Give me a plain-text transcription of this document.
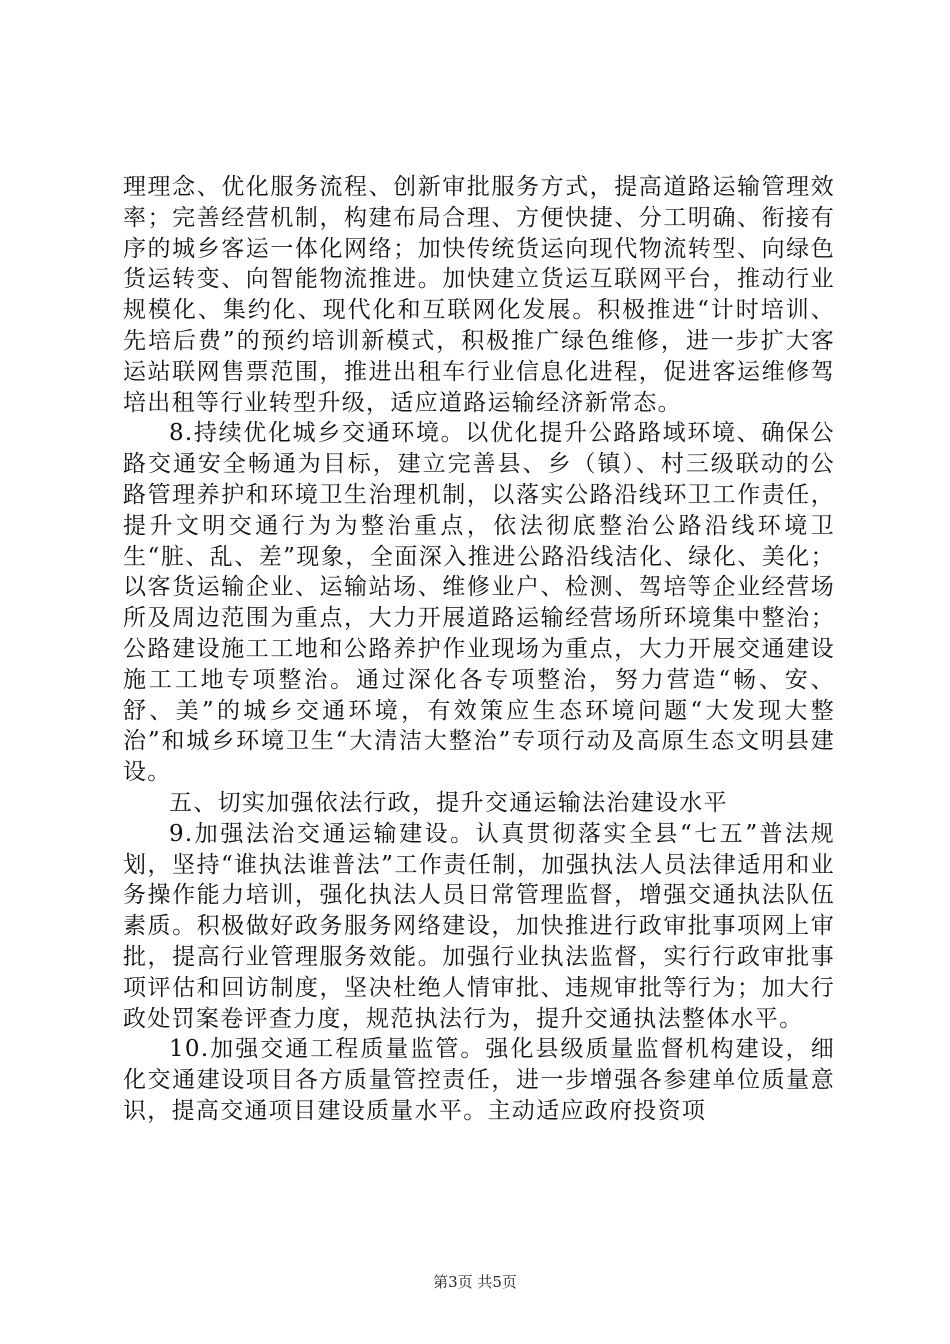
理理念、优化服务流程、创新审批服务方式，提高道路运输管理效率；完善经营机制，构建布局合理、方便快捷、分工明确、衔接有序的城乡客运一体化网络；加快传统货运向现代物流转型、向绿色货运转变、向智能物流推进。加快建立货运互联网平台，推动行业规模化、集约化、现代化和互联网化发展。积极推进“计时培训、先培后费”的预约培训新模式，积极推广绿色维修，进一步扩大客运站联网售票范围，推进出租车行业信息化进程，促进客运维修驾培出租等行业转型升级，适应道路运输经济新常态。

8.持续优化城乡交通环境。以优化提升公路路域环境、确保公路交通安全畅通为目标，建立完善县、乡（镇）、村三级联动的公路管理养护和环境卫生治理机制，以落实公路沿线环卫工作责任，提升文明交通行为为整治重点，依法彻底整治公路沿线环境卫生“脏、乱、差”现象，全面深入推进公路沿线洁化、绿化、美化；以客货运输企业、运输站场、维修业户、检测、驾培等企业经营场所及周边范围为重点，大力开展道路运输经营场所环境集中整治；公路建设施工工地和公路养护作业现场为重点，大力开展交通建设施工工地专项整治。通过深化各专项整治，努力营造“畅、安、舒、美”的城乡交通环境，有效策应生态环境问题“大发现大整治”和城乡环境卫生“大清洁大整治”专项行动及高原生态文明县建设。

五、切实加强依法行政，提升交通运输法治建设水平

9.加强法治交通运输建设。认真贯彻落实全县“七五”普法规划，坚持“谁执法谁普法”工作责任制，加强执法人员法律适用和业务操作能力培训，强化执法人员日常管理监督，增强交通执法队伍素质。积极做好政务服务网络建设，加快推进行政审批事项网上审批，提高行业管理服务效能。加强行业执法监督，实行行政审批事项评估和回访制度，坚决杜绝人情审批、违规审批等行为；加大行政处罚案卷评查力度，规范执法行为，提升交通执法整体水平。

10.加强交通工程质量监管。强化县级质量监督机构建设，细化交通建设项目各方质量管控责任，进一步增强各参建单位质量意识，提高交通项目建设质量水平。主动适应政府投资项

第3页 共5页
